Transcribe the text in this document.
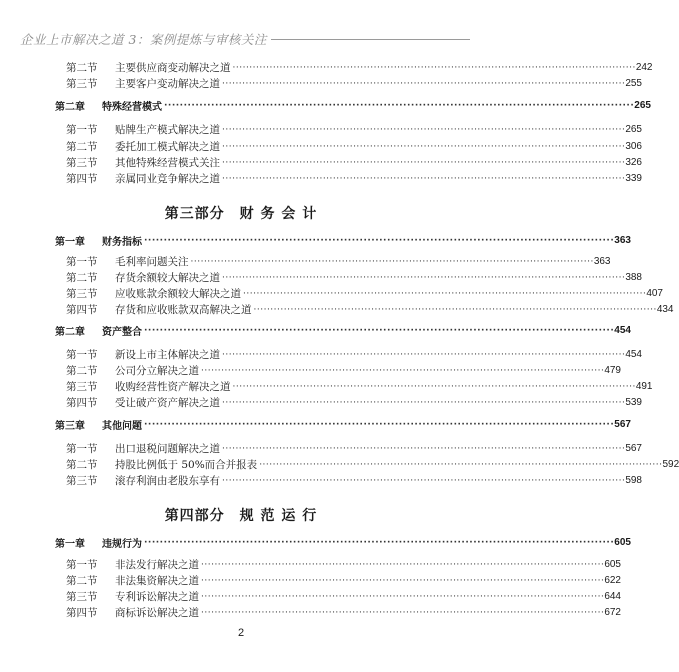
企业上市解决之道 3：案例提炼与审核关注
第二节 主要供应商变动解决之道 ························································································································ 242
第三节 主要客户变动解决之道 ························································································································ 255
第二章 特殊经营模式 ························································································································ 265
第一节 贴牌生产模式解决之道 ························································································································ 265
第二节 委托加工模式解决之道 ························································································································ 306
第三节 其他特殊经营模式关注 ························································································································ 326
第四节 亲属同业竞争解决之道 ························································································································ 339
第三部分　财 务 会 计
第一章 财务指标 ························································································································ 363
第一节 毛利率问题关注 ························································································································ 363
第二节 存货余额较大解决之道 ························································································································ 388
第三节 应收账款余额较大解决之道 ························································································································ 407
第四节 存货和应收账款双高解决之道 ························································································································ 434
第二章 资产整合 ························································································································ 454
第一节 新设上市主体解决之道 ························································································································ 454
第二节 公司分立解决之道 ························································································································ 479
第三节 收购经营性资产解决之道 ························································································································ 491
第四节 受让破产资产解决之道 ························································································································ 539
第三章 其他问题 ························································································································ 567
第一节 出口退税问题解决之道 ························································································································ 567
第二节 持股比例低于 50%而合并报表 ························································································································ 592
第三节 滚存利润由老股东享有 ························································································································ 598
第四部分　规 范 运 行
第一章 违规行为 ························································································································ 605
第一节 非法发行解决之道 ························································································································ 605
第二节 非法集资解决之道 ························································································································ 622
第三节 专利诉讼解决之道 ························································································································ 644
第四节 商标诉讼解决之道 ························································································································ 672
2
